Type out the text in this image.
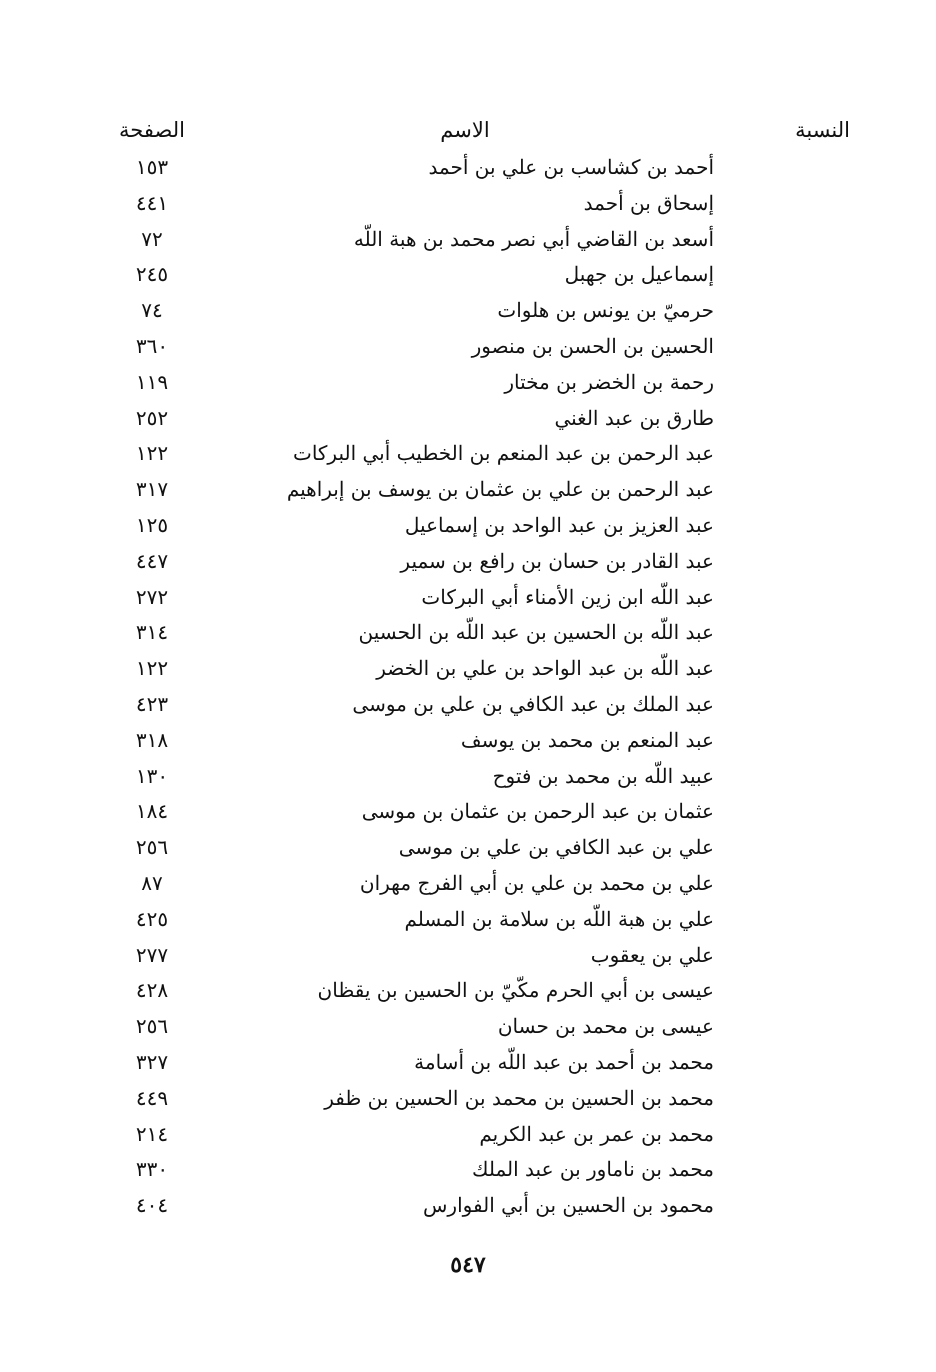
النسبة
الاسم
الصفحة
أحمد بن كشاسب بن علي بن أحمد
١٥٣
إسحاق بن أحمد
٤٤١
أسعد بن القاضي أبي نصر محمد بن هبة اللّه
٧٢
إسماعيل بن جهبل
٢٤٥
حرميّ بن يونس بن هلوات
٧٤
الحسين بن الحسن بن منصور
٣٦٠
رحمة بن الخضر بن مختار
١١٩
طارق بن عبد الغني
٢٥٢
عبد الرحمن بن عبد المنعم بن الخطيب أبي البركات
١٢٢
عبد الرحمن بن علي بن عثمان بن يوسف بن إبراهيم
٣١٧
عبد العزيز بن عبد الواحد بن إسماعيل
١٢٥
عبد القادر بن حسان بن رافع بن سمير
٤٤٧
عبد اللّه ابن زين الأمناء أبي البركات
٢٧٢
عبد اللّه بن الحسين بن عبد اللّه بن الحسين
٣١٤
عبد اللّه بن عبد الواحد بن علي بن الخضر
١٢٢
عبد الملك بن عبد الكافي بن علي بن موسى
٤٢٣
عبد المنعم بن محمد بن يوسف
٣١٨
عبيد اللّه بن محمد بن فتوح
١٣٠
عثمان بن عبد الرحمن بن عثمان بن موسى
١٨٤
علي بن عبد الكافي بن علي بن موسى
٢٥٦
علي بن محمد بن علي بن أبي الفرج مهران
٨٧
علي بن هبة اللّه بن سلامة بن المسلم
٤٢٥
علي بن يعقوب
٢٧٧
عيسى بن أبي الحرم مكّيّ بن الحسين بن يقظان
٤٢٨
عيسى بن محمد بن حسان
٢٥٦
محمد بن أحمد بن عبد اللّه بن أسامة
٣٢٧
محمد بن الحسين بن محمد بن الحسين بن ظفر
٤٤٩
محمد بن عمر بن عبد الكريم
٢١٤
محمد بن ناماور بن عبد الملك
٣٣٠
محمود بن الحسين بن أبي الفوارس
٤٠٤
٥٤٧
